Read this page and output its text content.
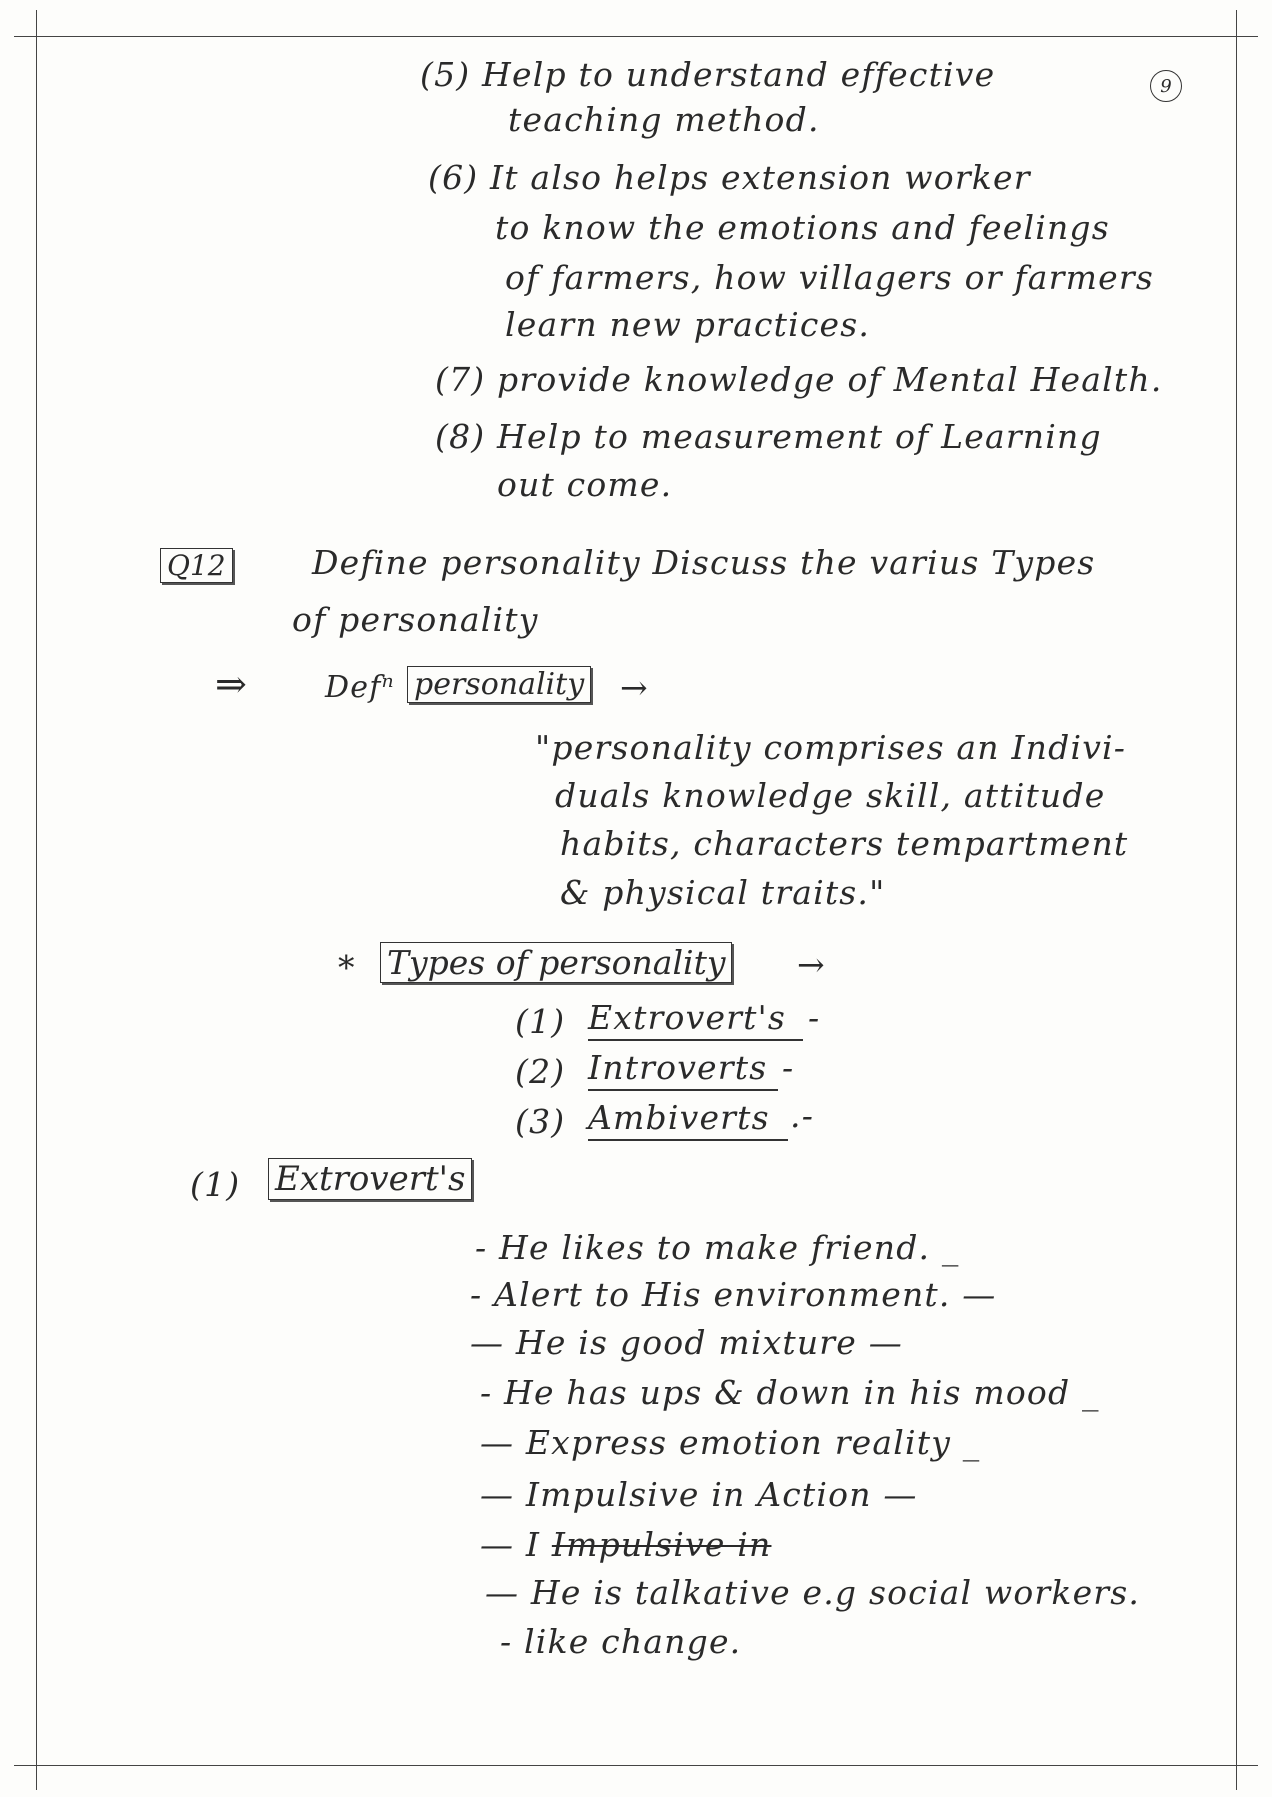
9
(5) Help to understand effective
teaching method.
(6) It also helps extension worker
to know the emotions and feelings
of farmers, how villagers or farmers
learn new practices.
(7) provide knowledge of Mental Health.
(8) Help to measurement of Learning
out come.
Q12	Define personality Discuss the varius Types
of personality
⇒	Defⁿ personality →
"personality comprises an Indivi-
duals knowledge skill, attitude
habits, characters tempartment
& physical traits."
* Types of personality →
(1) Extrovert's -
(2) Introverts -
(3) Ambiverts .-
(1) Extrovert's
- He likes to make friend. _
- Alert to His environment. —
— He is good mixture —
- He has ups & down in his mood _
— Express emotion reality _
— Impulsive in Action —
— I Impulsive in
— He is talkative e.g social workers.
- like change.
